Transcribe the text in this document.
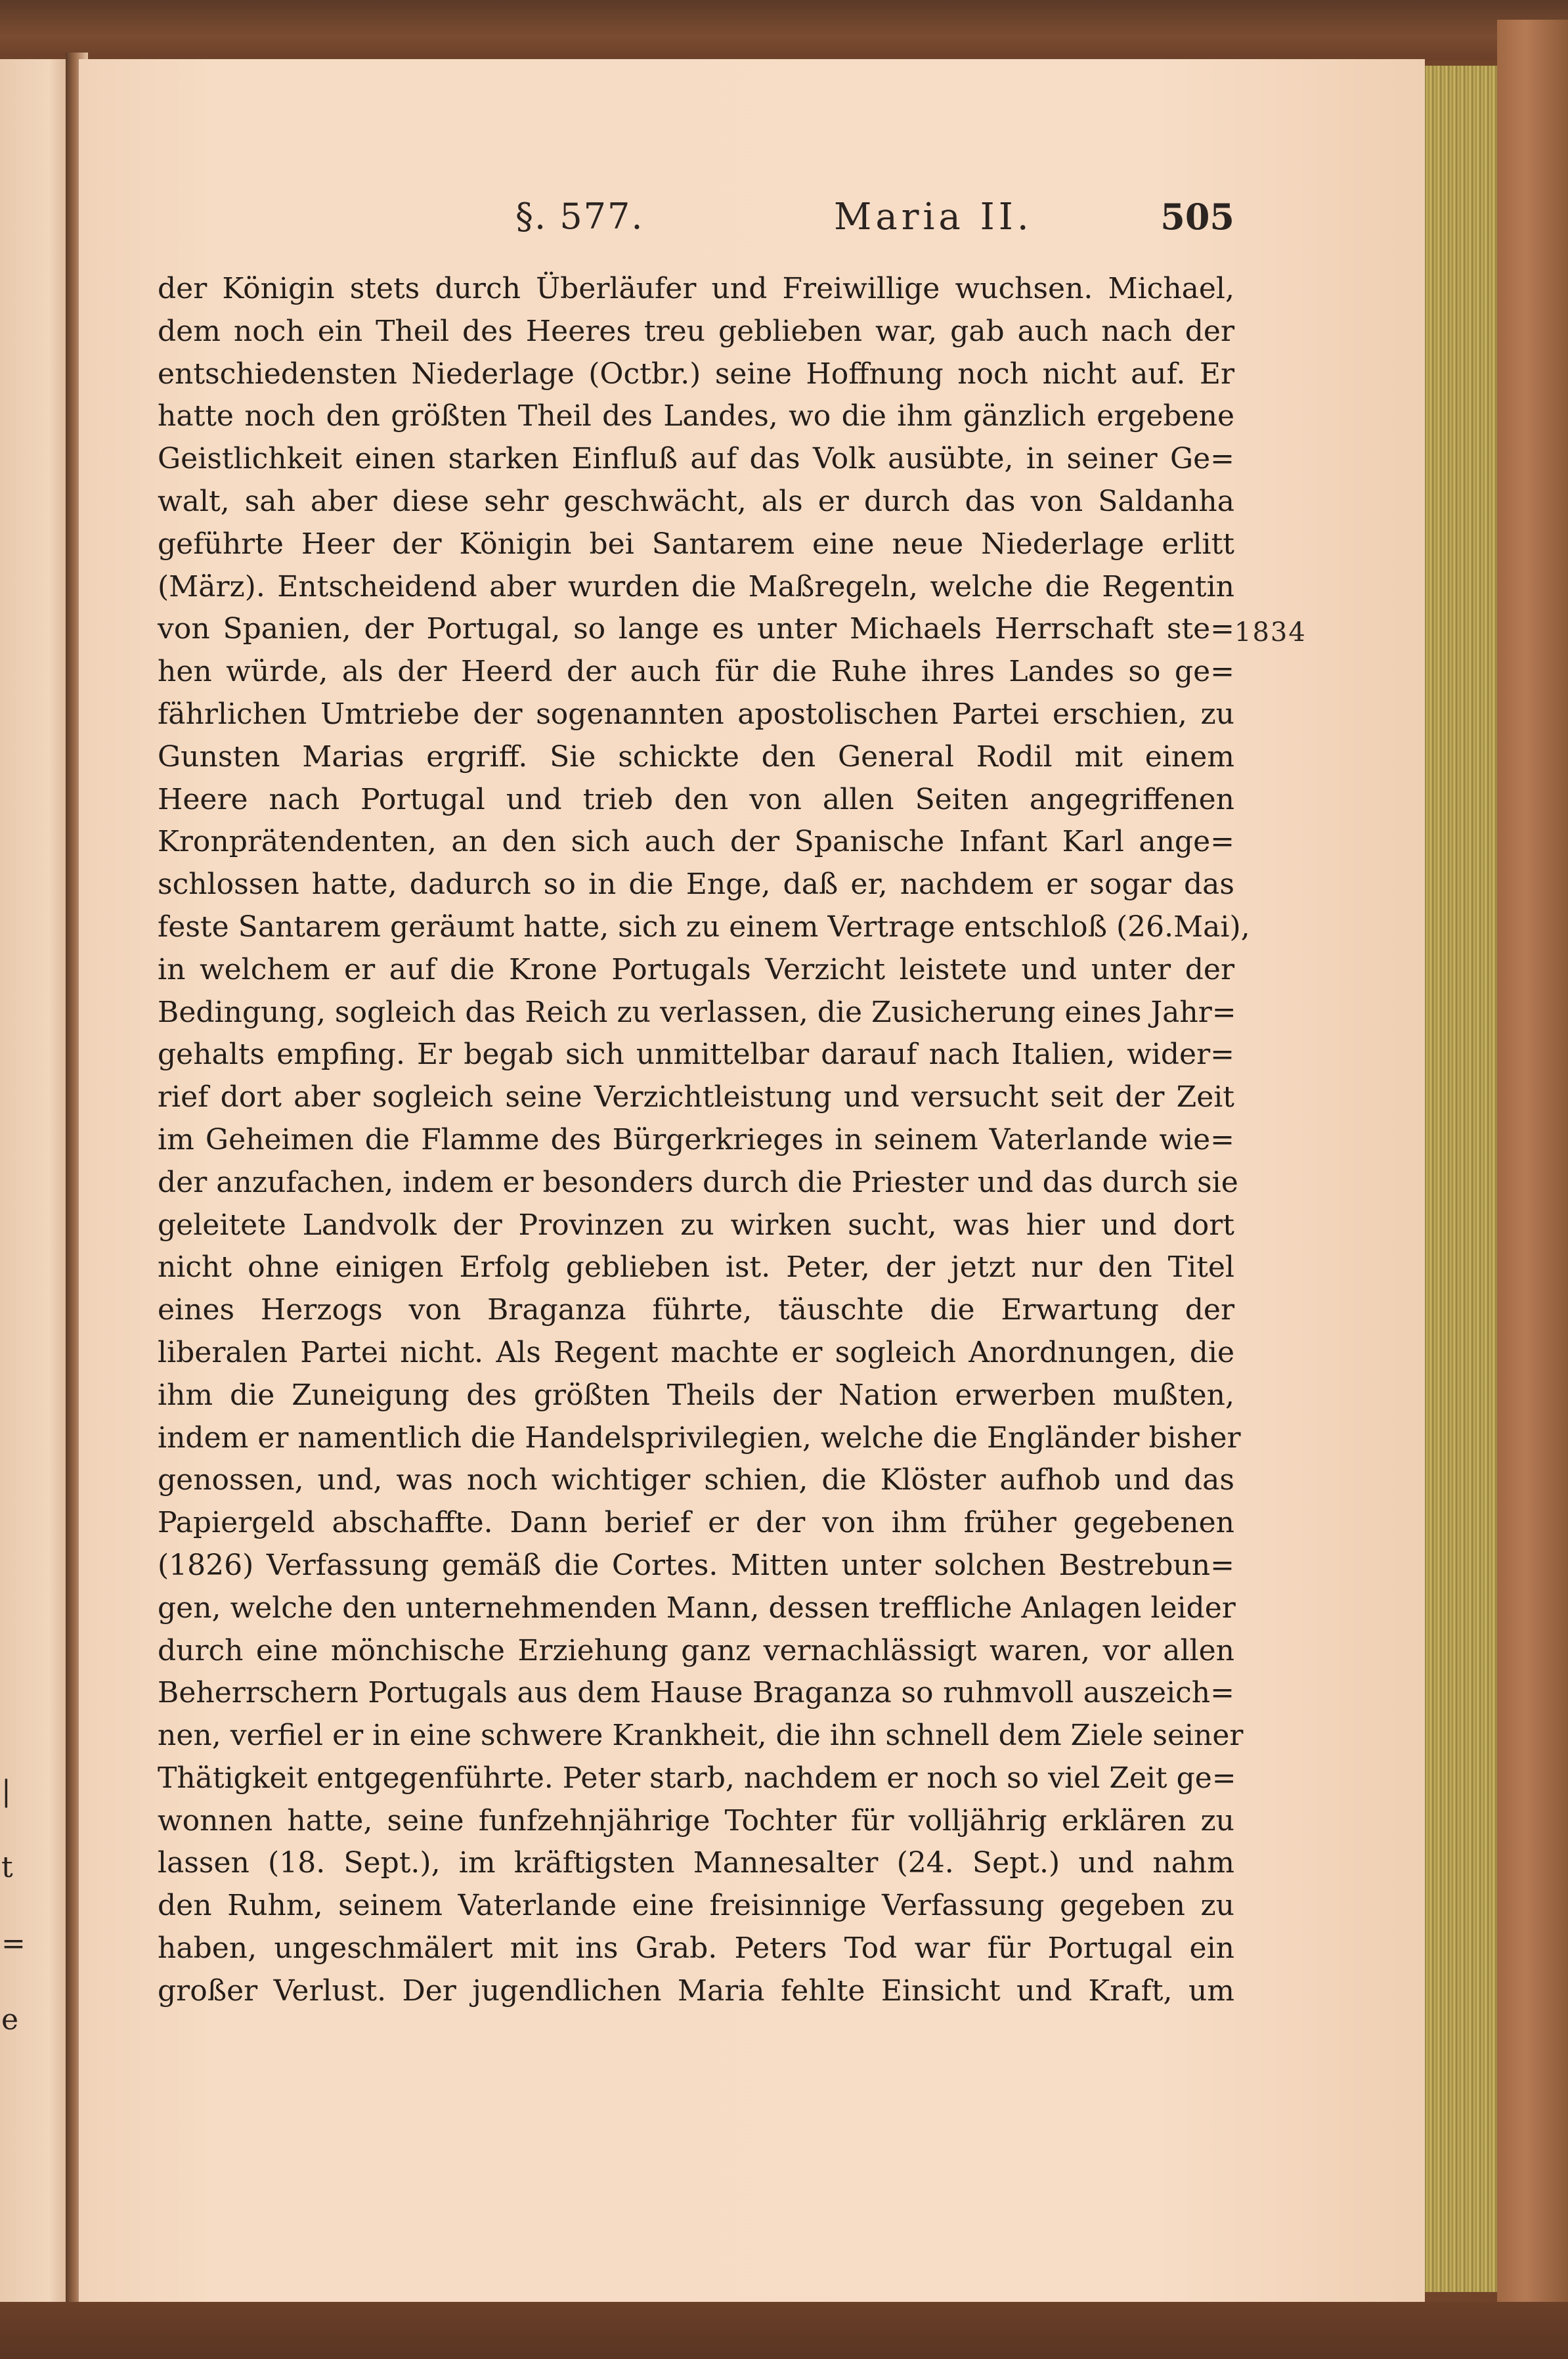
|
t
=
e
§. 577.	Maria II.	505
1834
der Königin stets durch Überläufer und Freiwillige wuchsen. Michael,
dem noch ein Theil des Heeres treu geblieben war, gab auch nach der
entschiedensten Niederlage (Octbr.) seine Hoffnung noch nicht auf. Er
hatte noch den größten Theil des Landes, wo die ihm gänzlich ergebene
Geistlichkeit einen starken Einfluß auf das Volk ausübte, in seiner Ge=
walt, sah aber diese sehr geschwächt, als er durch das von Saldanha
geführte Heer der Königin bei Santarem eine neue Niederlage erlitt
(März). Entscheidend aber wurden die Maßregeln, welche die Regentin
von Spanien, der Portugal, so lange es unter Michaels Herrschaft ste=
hen würde, als der Heerd der auch für die Ruhe ihres Landes so ge=
fährlichen Umtriebe der sogenannten apostolischen Partei erschien, zu
Gunsten Marias ergriff. Sie schickte den General Rodil mit einem
Heere nach Portugal und trieb den von allen Seiten angegriffenen
Kronprätendenten, an den sich auch der Spanische Infant Karl ange=
schlossen hatte, dadurch so in die Enge, daß er, nachdem er sogar das
feste Santarem geräumt hatte, sich zu einem Vertrage entschloß (26.Mai),
in welchem er auf die Krone Portugals Verzicht leistete und unter der
Bedingung, sogleich das Reich zu verlassen, die Zusicherung eines Jahr=
gehalts empfing. Er begab sich unmittelbar darauf nach Italien, wider=
rief dort aber sogleich seine Verzichtleistung und versucht seit der Zeit
im Geheimen die Flamme des Bürgerkrieges in seinem Vaterlande wie=
der anzufachen, indem er besonders durch die Priester und das durch sie
geleitete Landvolk der Provinzen zu wirken sucht, was hier und dort
nicht ohne einigen Erfolg geblieben ist. Peter, der jetzt nur den Titel
eines Herzogs von Braganza führte, täuschte die Erwartung der
liberalen Partei nicht. Als Regent machte er sogleich Anordnungen, die
ihm die Zuneigung des größten Theils der Nation erwerben mußten,
indem er namentlich die Handelsprivilegien, welche die Engländer bisher
genossen, und, was noch wichtiger schien, die Klöster aufhob und das
Papiergeld abschaffte. Dann berief er der von ihm früher gegebenen
(1826) Verfassung gemäß die Cortes. Mitten unter solchen Bestrebun=
gen, welche den unternehmenden Mann, dessen treffliche Anlagen leider
durch eine mönchische Erziehung ganz vernachlässigt waren, vor allen
Beherrschern Portugals aus dem Hause Braganza so ruhmvoll auszeich=
nen, verfiel er in eine schwere Krankheit, die ihn schnell dem Ziele seiner
Thätigkeit entgegenführte. Peter starb, nachdem er noch so viel Zeit ge=
wonnen hatte, seine funfzehnjährige Tochter für volljährig erklären zu
lassen (18. Sept.), im kräftigsten Mannesalter (24. Sept.) und nahm
den Ruhm, seinem Vaterlande eine freisinnige Verfassung gegeben zu
haben, ungeschmälert mit ins Grab. Peters Tod war für Portugal ein
großer Verlust. Der jugendlichen Maria fehlte Einsicht und Kraft, um
